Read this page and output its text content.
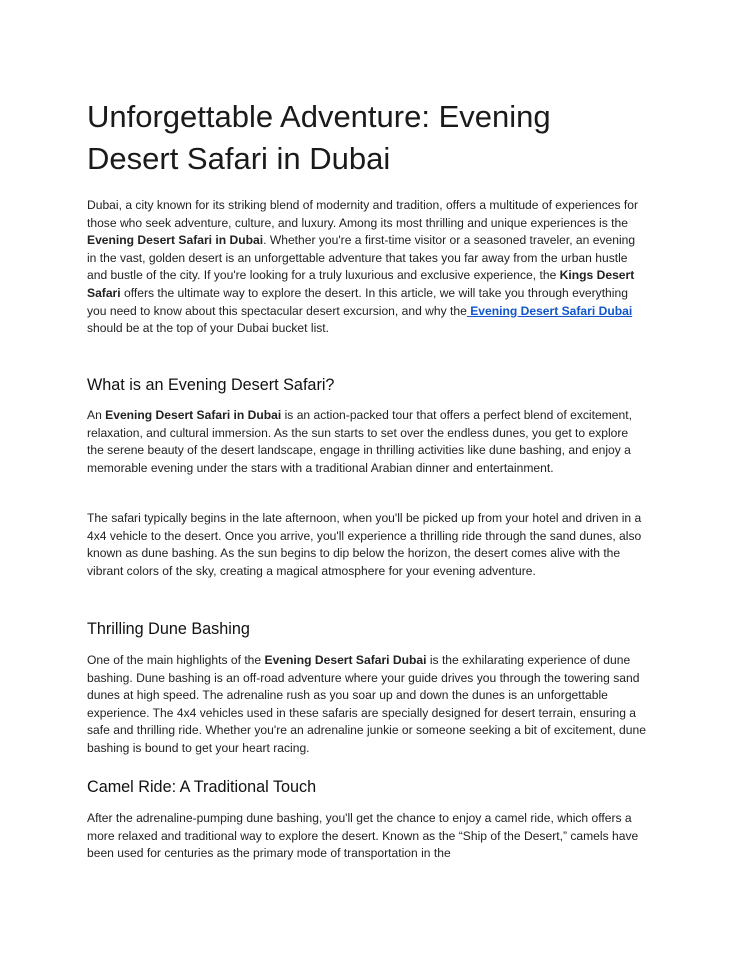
Unforgettable Adventure: Evening Desert Safari in Dubai

Dubai, a city known for its striking blend of modernity and tradition, offers a multitude of experiences for those who seek adventure, culture, and luxury. Among its most thrilling and unique experiences is the Evening Desert Safari in Dubai. Whether you're a first-time visitor or a seasoned traveler, an evening in the vast, golden desert is an unforgettable adventure that takes you far away from the urban hustle and bustle of the city. If you're looking for a truly luxurious and exclusive experience, the Kings Desert Safari offers the ultimate way to explore the desert. In this article, we will take you through everything you need to know about this spectacular desert excursion, and why the Evening Desert Safari Dubai should be at the top of your Dubai bucket list.

What is an Evening Desert Safari?

An Evening Desert Safari in Dubai is an action-packed tour that offers a perfect blend of excitement, relaxation, and cultural immersion. As the sun starts to set over the endless dunes, you get to explore the serene beauty of the desert landscape, engage in thrilling activities like dune bashing, and enjoy a memorable evening under the stars with a traditional Arabian dinner and entertainment.

The safari typically begins in the late afternoon, when you'll be picked up from your hotel and driven in a 4x4 vehicle to the desert. Once you arrive, you'll experience a thrilling ride through the sand dunes, also known as dune bashing. As the sun begins to dip below the horizon, the desert comes alive with the vibrant colors of the sky, creating a magical atmosphere for your evening adventure.

Thrilling Dune Bashing

One of the main highlights of the Evening Desert Safari Dubai is the exhilarating experience of dune bashing. Dune bashing is an off-road adventure where your guide drives you through the towering sand dunes at high speed. The adrenaline rush as you soar up and down the dunes is an unforgettable experience. The 4x4 vehicles used in these safaris are specially designed for desert terrain, ensuring a safe and thrilling ride. Whether you're an adrenaline junkie or someone seeking a bit of excitement, dune bashing is bound to get your heart racing.

Camel Ride: A Traditional Touch

After the adrenaline-pumping dune bashing, you'll get the chance to enjoy a camel ride, which offers a more relaxed and traditional way to explore the desert. Known as the “Ship of the Desert,” camels have been used for centuries as the primary mode of transportation in the
